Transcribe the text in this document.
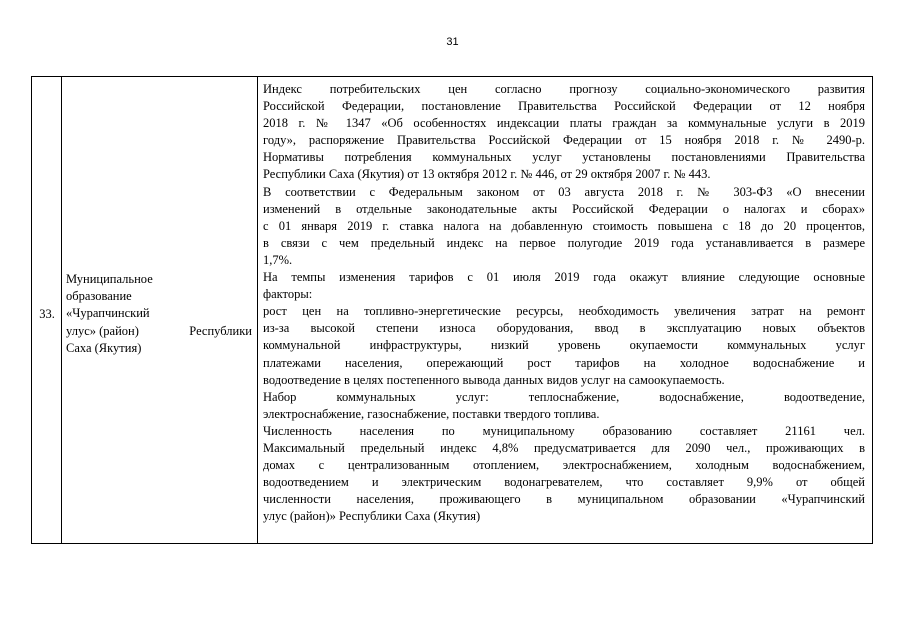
31
33.
Муниципальное
образование
«Чурапчинский
улус» (район)	Республики
Саха (Якутия)
Индекс потребительских цен согласно прогнозу социально-экономического развития
Российской Федерации, постановление Правительства Российской Федерации от 12 ноября
2018 г. № 1347 «Об особенностях индексации платы граждан за коммунальные услуги в 2019
году», распоряжение Правительства Российской Федерации от 15 ноября 2018 г. № 2490-р.
Нормативы потребления коммунальных услуг установлены постановлениями Правительства
Республики Саха (Якутия) от 13 октября 2012 г. № 446, от 29 октября 2007 г. № 443.
В соответствии с Федеральным законом от 03 августа 2018 г. № 303-ФЗ «О внесении
изменений в отдельные законодательные акты Российской Федерации о налогах и сборах»
с 01 января 2019 г. ставка налога на добавленную стоимость повышена с 18 до 20 процентов,
в связи с чем предельный индекс на первое полугодие 2019 года устанавливается в размере
1,7%.
На темпы изменения тарифов с 01 июля 2019 года окажут влияние следующие основные
факторы:
рост цен на топливно-энергетические ресурсы, необходимость увеличения затрат на ремонт
из-за высокой степени износа оборудования, ввод в эксплуатацию новых объектов
коммунальной инфраструктуры, низкий уровень окупаемости коммунальных услуг
платежами населения, опережающий рост тарифов на холодное водоснабжение и
водоотведение в целях постепенного вывода данных видов услуг на самоокупаемость.
Набор коммунальных услуг: теплоснабжение, водоснабжение, водоотведение,
электроснабжение, газоснабжение, поставки твердого топлива.
Численность населения по муниципальному образованию составляет 21161 чел.
Максимальный предельный индекс 4,8% предусматривается для 2090 чел., проживающих в
домах с централизованным отоплением, электроснабжением, холодным водоснабжением,
водоотведением и электрическим водонагревателем, что составляет 9,9% от общей
численности населения, проживающего в муниципальном образовании «Чурапчинский
улус (район)» Республики Саха (Якутия)
